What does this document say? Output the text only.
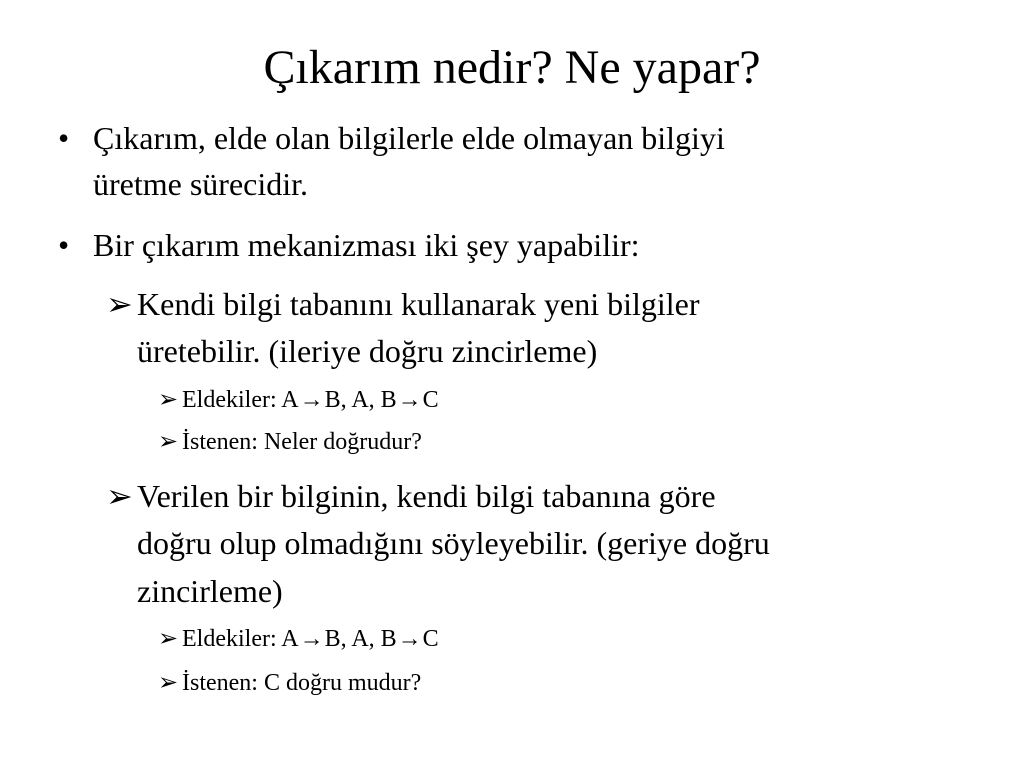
Çıkarım nedir? Ne yapar?
• Çıkarım, elde olan bilgilerle elde olmayan bilgiyi
üretme sürecidir.
• Bir çıkarım mekanizması iki şey yapabilir:
➢ Kendi bilgi tabanını kullanarak yeni bilgiler
üretebilir. (ileriye doğru zincirleme)
➢ Eldekiler: A→B, A, B→C
➢ İstenen: Neler doğrudur?
➢ Verilen bir bilginin, kendi bilgi tabanına göre
doğru olup olmadığını söyleyebilir. (geriye doğru
zincirleme)
➢ Eldekiler: A→B, A, B→C
➢ İstenen: C doğru mudur?
